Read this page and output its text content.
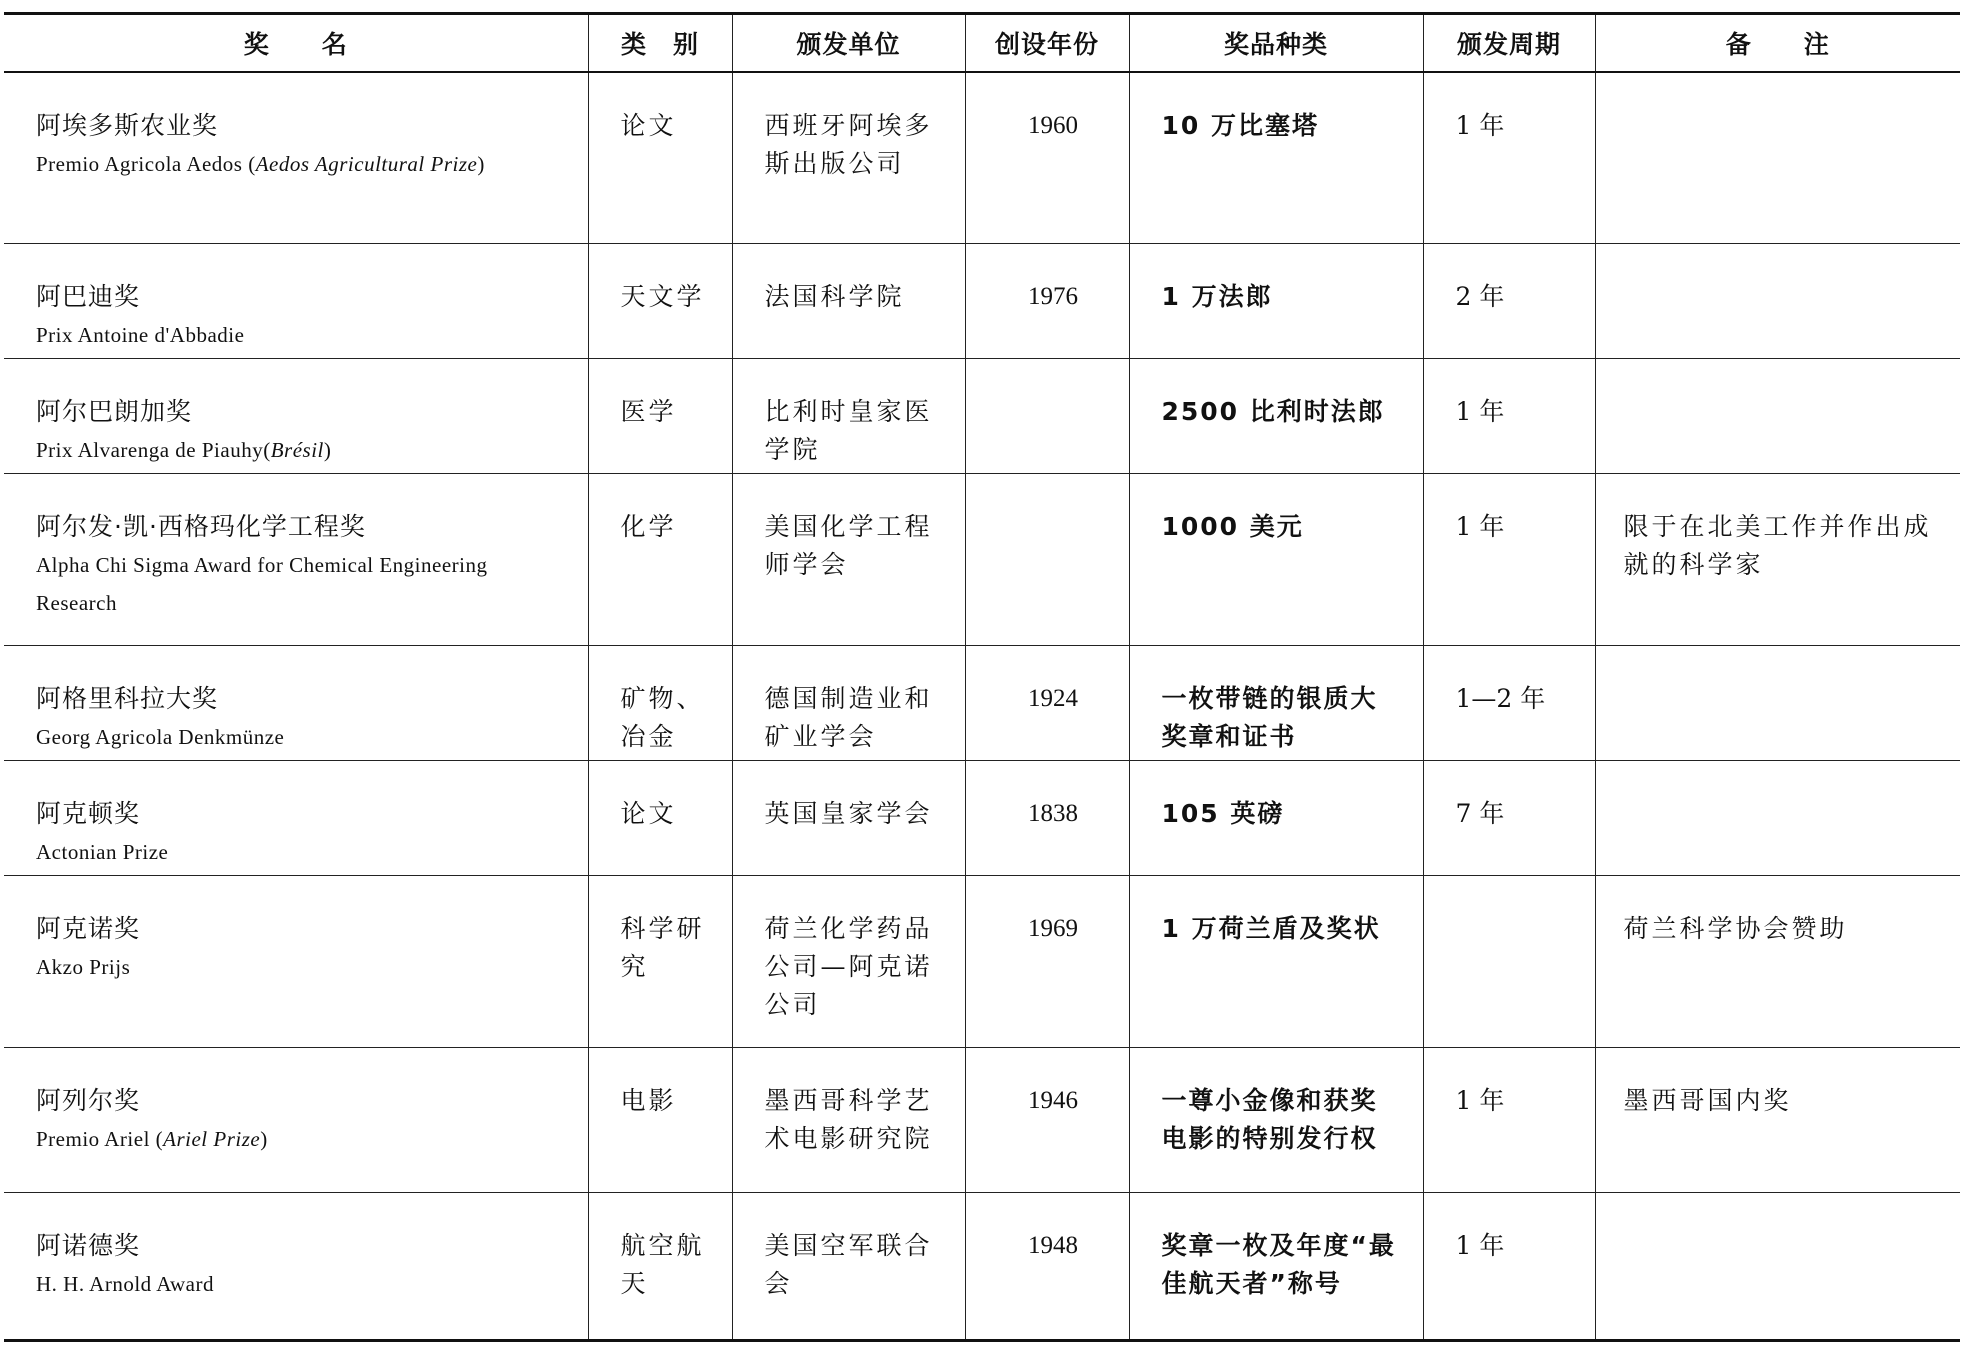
奖　　名	类　别	颁发单位	创设年份	奖品种类	颁发周期	备　　注

阿埃多斯农业奖
Premio Agricola Aedos (Aedos Agricultural Prize)	论文	西班牙阿埃多斯出版公司	1960	10 万比塞塔	1 年	

阿巴迪奖
Prix Antoine d'Abbadie	天文学	法国科学院	1976	1 万法郎	2 年	

阿尔巴朗加奖
Prix Alvarenga de Piauhy(Brésil)	医学	比利时皇家医学院		2500 比利时法郎	1 年	

阿尔发·凯·西格玛化学工程奖
Alpha Chi Sigma Award for Chemical Engineering Research	化学	美国化学工程师学会		1000 美元	1 年	限于在北美工作并作出成就的科学家

阿格里科拉大奖
Georg Agricola Denkmünze	矿物、冶金	德国制造业和矿业学会	1924	一枚带链的银质大奖章和证书	1—2 年	

阿克顿奖
Actonian Prize	论文	英国皇家学会	1838	105 英磅	7 年	

阿克诺奖
Akzo Prijs	科学研究	荷兰化学药品公司—阿克诺公司	1969	1 万荷兰盾及奖状		荷兰科学协会赞助

阿列尔奖
Premio Ariel (Ariel Prize)	电影	墨西哥科学艺术电影研究院	1946	一尊小金像和获奖电影的特别发行权	1 年	墨西哥国内奖

阿诺德奖
H. H. Arnold Award	航空航天	美国空军联合会	1948	奖章一枚及年度“最佳航天者”称号	1 年	
